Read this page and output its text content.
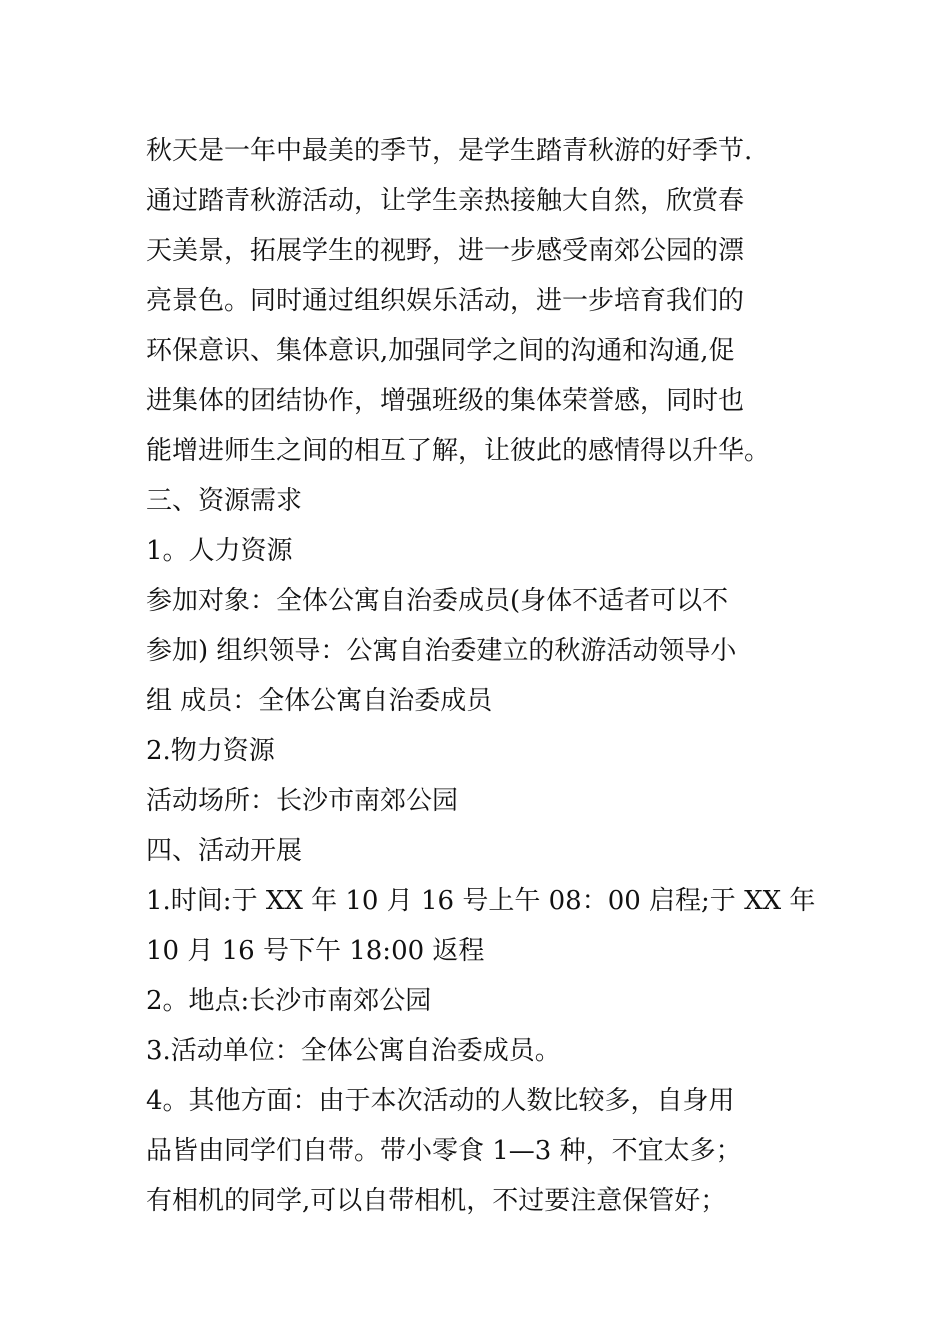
秋天是一年中最美的季节，是学生踏青秋游的好季节.
通过踏青秋游活动，让学生亲热接触大自然，欣赏春
天美景，拓展学生的视野，进一步感受南郊公园的漂
亮景色。同时通过组织娱乐活动，进一步培育我们的
环保意识、集体意识,加强同学之间的沟通和沟通,促
进集体的团结协作，增强班级的集体荣誉感，同时也
能增进师生之间的相互了解，让彼此的感情得以升华。
三、资源需求
1。人力资源
参加对象：全体公寓自治委成员(身体不适者可以不
参加) 组织领导：公寓自治委建立的秋游活动领导小
组 成员：全体公寓自治委成员
2.物力资源
活动场所：长沙市南郊公园
四、活动开展
1.时间:于 XX 年 10 月 16 号上午 08：00 启程;于 XX 年
10 月 16 号下午 18:00 返程
2。地点:长沙市南郊公园
3.活动单位：全体公寓自治委成员。
4。其他方面：由于本次活动的人数比较多，自身用
品皆由同学们自带。带小零食 1—3 种，不宜太多；
有相机的同学,可以自带相机，不过要注意保管好；
